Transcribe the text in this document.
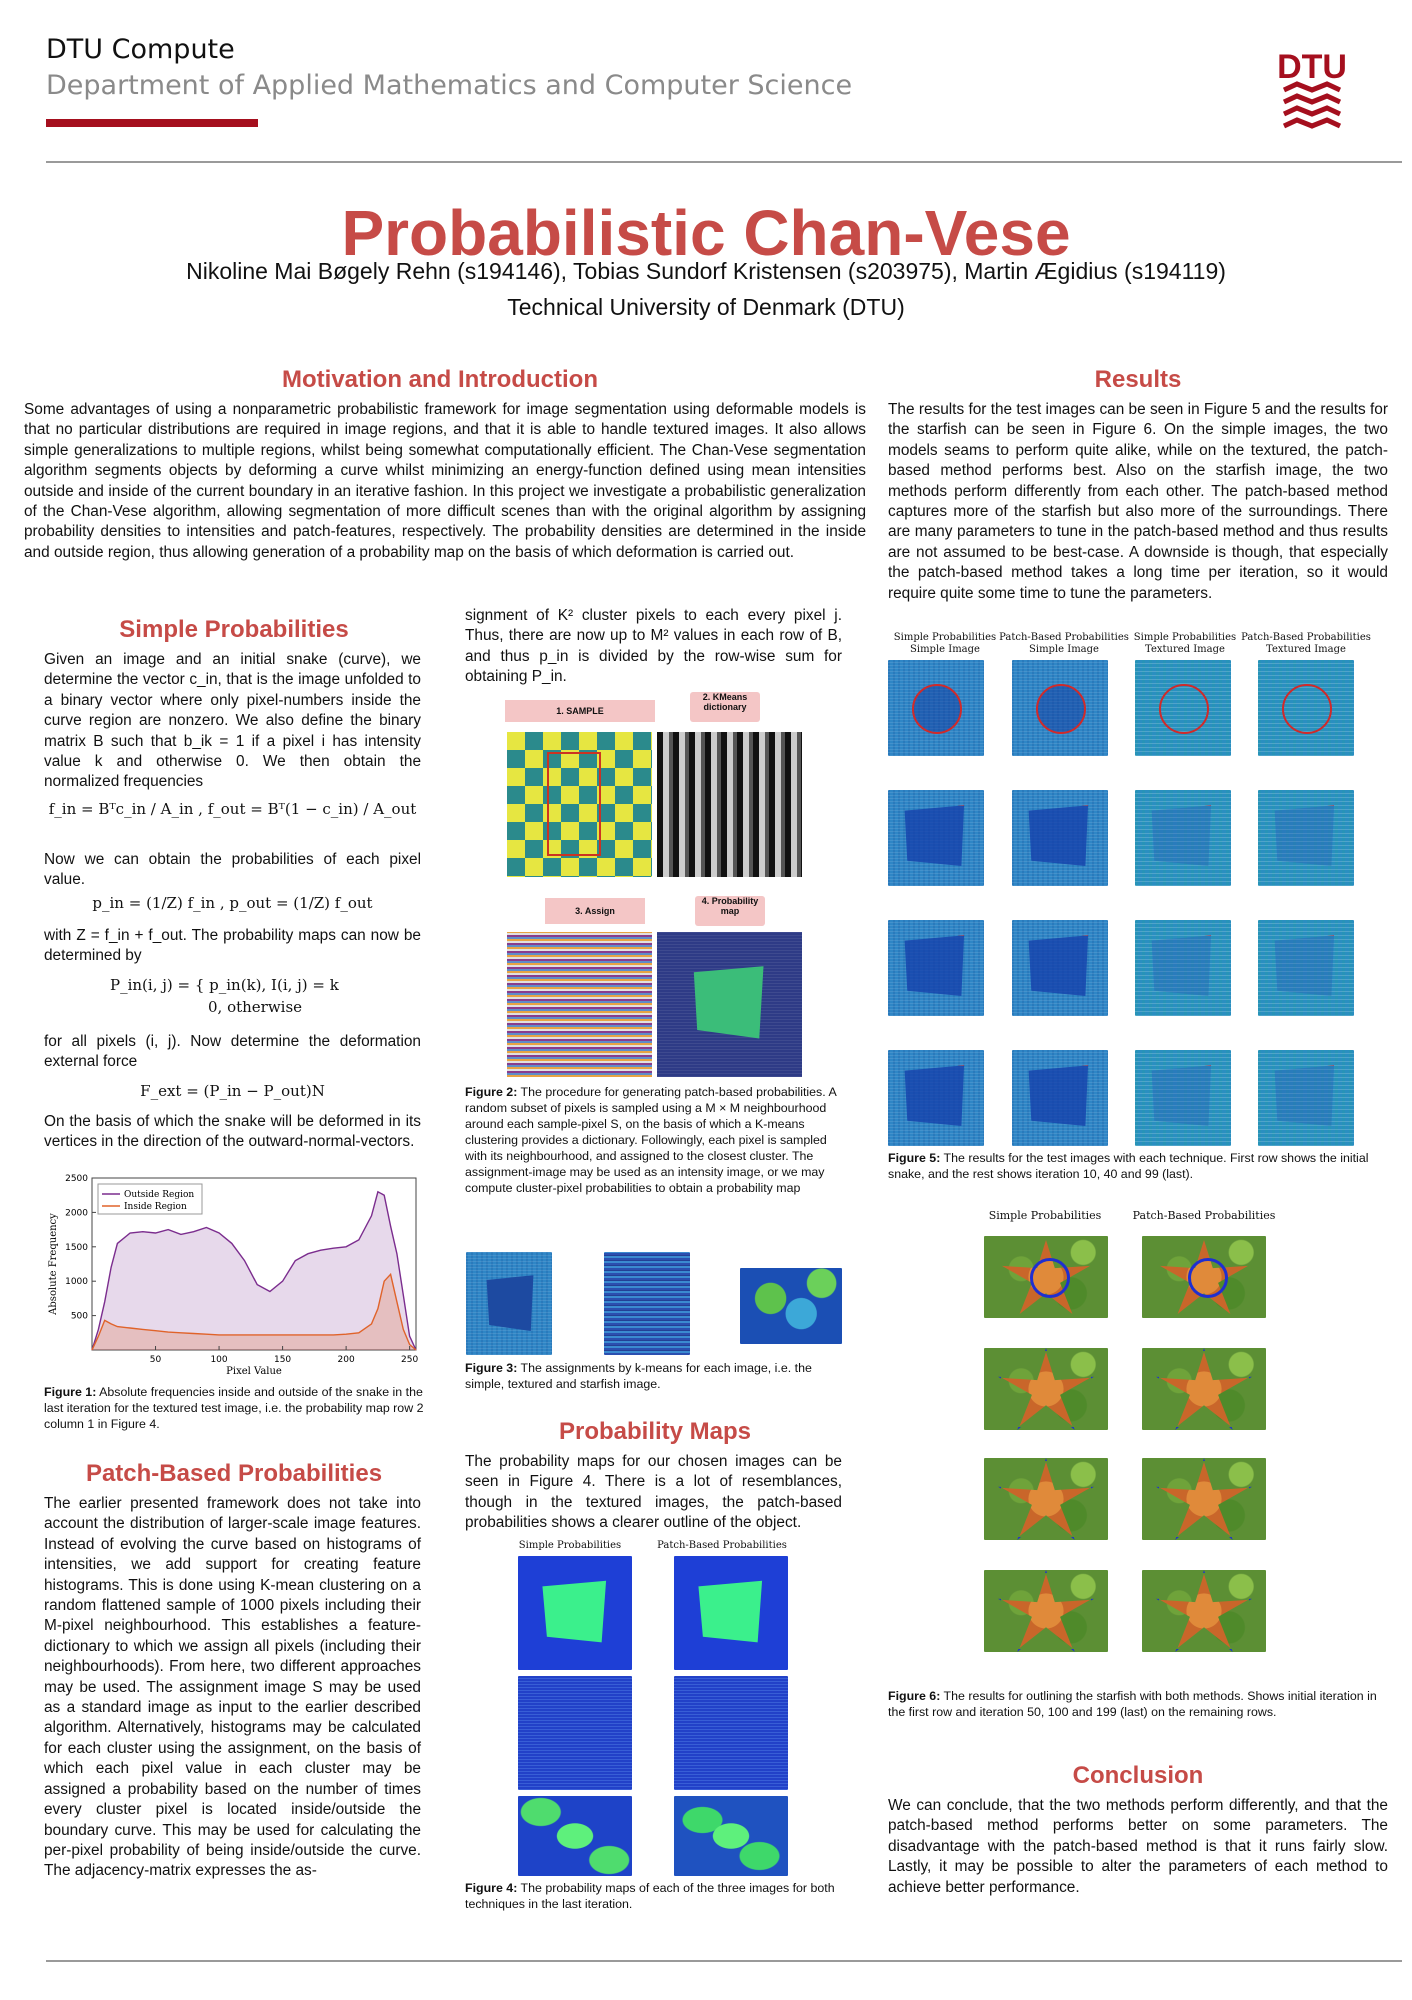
DTU Compute
Department of Applied Mathematics and Computer Science	DTU
Probabilistic Chan-Vese
Nikoline Mai Bøgely Rehn (s194146), Tobias Sundorf Kristensen (s203975), Martin Ægidius (s194119)
Technical University of Denmark (DTU)
Motivation and Introduction
Some advantages of using a nonparametric probabilistic framework for image segmentation using deformable models is that no particular distributions are required in image regions, and that it is able to handle textured images. It also allows simple generalizations to multiple regions, whilst being somewhat computationally efficient. The Chan-Vese segmentation algorithm segments objects by deforming a curve whilst minimizing an energy-function defined using mean intensities outside and inside of the current boundary in an iterative fashion. In this project we investigate a probabilistic generalization of the Chan-Vese algorithm, allowing segmentation of more difficult scenes than with the original algorithm by assigning probability densities to intensities and patch-features, respectively. The probability densities are determined in the inside and outside region, thus allowing generation of a probability map on the basis of which deformation is carried out.
Simple Probabilities
Given an image and an initial snake (curve), we determine the vector c_in, that is the image unfolded to a binary vector where only pixel-numbers inside the curve region are nonzero. We also define the binary matrix B such that b_ik = 1 if a pixel i has intensity value k and otherwise 0. We then obtain the normalized frequencies
f_in = Bᵀc_in / A_in , f_out = Bᵀ(1 − c_in) / A_out
Now we can obtain the probabilities of each pixel value.
p_in = (1/Z) f_in , p_out = (1/Z) f_out
with Z = f_in + f_out. The probability maps can now be determined by
P_in(i, j) = { p_in(k), I(i, j) = k
0, otherwise
for all pixels (i, j). Now determine the deformation external force
F_ext = (P_in − P_out)N
On the basis of which the snake will be deformed in its vertices in the direction of the outward-normal-vectors.
50	100	150	200	250
500
1000
1500
2000
2500
Pixel Value
Absolute Frequency
Outside Region
Inside Region
Figure 1: Absolute frequencies inside and outside of the snake in the last iteration for the textured test image, i.e. the probability map row 2 column 1 in Figure 4.
Patch-Based Probabilities
The earlier presented framework does not take into account the distribution of larger-scale image features. Instead of evolving the curve based on histograms of intensities, we add support for creating feature histograms. This is done using K-mean clustering on a random flattened sample of 1000 pixels including their M-pixel neighbourhood. This establishes a feature-dictionary to which we assign all pixels (including their neighbourhoods). From here, two different approaches may be used. The assignment image S may be used as a standard image as input to the earlier described algorithm. Alternatively, histograms may be calculated for each cluster using the assignment, on the basis of which each pixel value in each cluster may be assigned a probability based on the number of times every cluster pixel is located inside/outside the boundary curve. This may be used for calculating the per-pixel probability of being inside/outside the curve. The adjacency-matrix expresses the as-
signment of K² cluster pixels to each every pixel j. Thus, there are now up to M² values in each row of B, and thus p_in is divided by the row-wise sum for obtaining P_in.
1. SAMPLE
2. KMeans dictionary
3. Assign
4. Probability map
Figure 2: The procedure for generating patch-based probabilities. A random subset of pixels is sampled using a M × M neighbourhood around each sample-pixel S, on the basis of which a K-means clustering provides a dictionary. Followingly, each pixel is sampled with its neighbourhood, and assigned to the closest cluster. The assignment-image may be used as an intensity image, or we may compute cluster-pixel probabilities to obtain a probability map
Figure 3: The assignments by k-means for each image, i.e. the simple, textured and starfish image.
Probability Maps
The probability maps for our chosen images can be seen in Figure 4. There is a lot of resemblances, though in the textured images, the patch-based probabilities shows a clearer outline of the object.
Simple Probabilities	Patch-Based Probabilities
Figure 4: The probability maps of each of the three images for both techniques in the last iteration.
Results
The results for the test images can be seen in Figure 5 and the results for the starfish can be seen in Figure 6. On the simple images, the two models seams to perform quite alike, while on the textured, the patch-based method performs best. Also on the starfish image, the two methods perform differently from each other. The patch-based method captures more of the starfish but also more of the surroundings. There are many parameters to tune in the patch-based method and thus results are not assumed to be best-case. A downside is though, that especially the patch-based method takes a long time per iteration, so it would require quite some time to tune the parameters.
Simple Probabilities
Simple Image
Patch-Based Probabilities
Simple Image
Simple Probabilities
Textured Image
Patch-Based Probabilities
Textured Image
Figure 5: The results for the test images with each technique. First row shows the initial snake, and the rest shows iteration 10, 40 and 99 (last).
Simple Probabilities	Patch-Based Probabilities
Figure 6: The results for outlining the starfish with both methods. Shows initial iteration in the first row and iteration 50, 100 and 199 (last) on the remaining rows.
Conclusion
We can conclude, that the two methods perform differently, and that the patch-based method performs better on some parameters. The disadvantage with the patch-based method is that it runs fairly slow. Lastly, it may be possible to alter the parameters of each method to achieve better performance.
